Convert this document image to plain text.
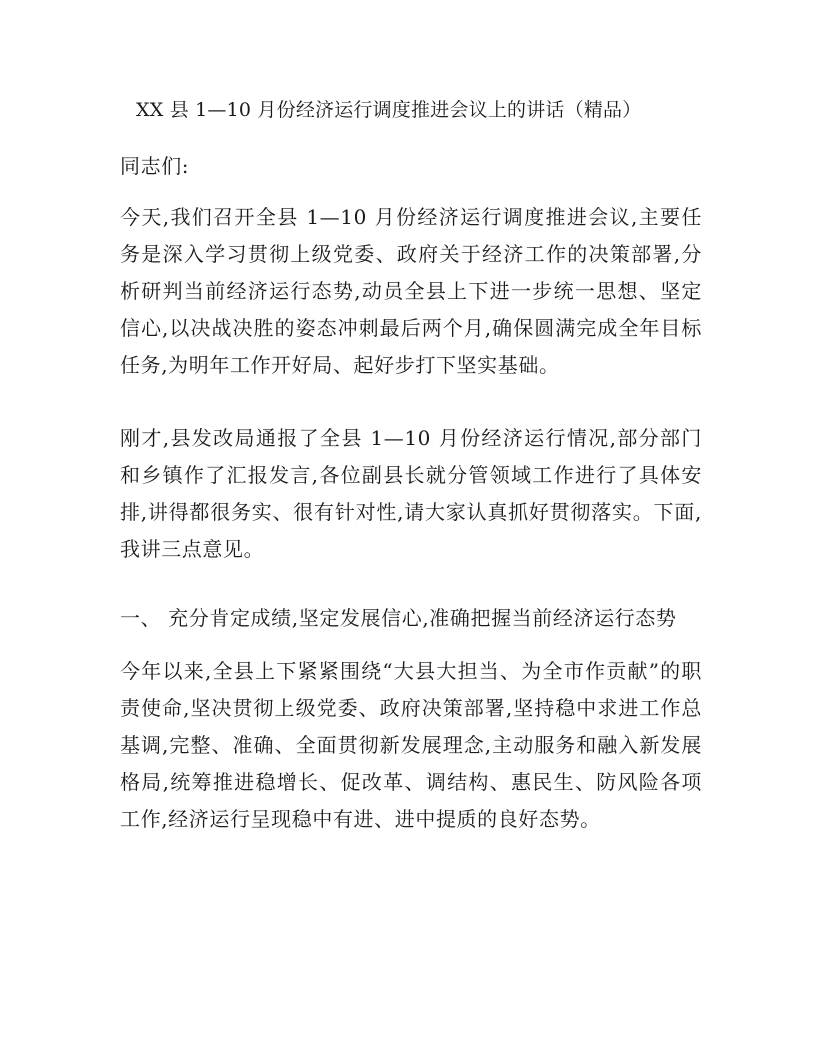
XX 县 1—10 月份经济运行调度推进会议上的讲话（精品）

同志们:

今天,我们召开全县 1—10 月份经济运行调度推进会议,主要任务是深入学习贯彻上级党委、政府关于经济工作的决策部署,分析研判当前经济运行态势,动员全县上下进一步统一思想、坚定信心,以决战决胜的姿态冲刺最后两个月,确保圆满完成全年目标任务,为明年工作开好局、起好步打下坚实基础。

刚才,县发改局通报了全县 1—10 月份经济运行情况,部分部门和乡镇作了汇报发言,各位副县长就分管领域工作进行了具体安排,讲得都很务实、很有针对性,请大家认真抓好贯彻落实。下面,我讲三点意见。

一、 充分肯定成绩,坚定发展信心,准确把握当前经济运行态势

今年以来,全县上下紧紧围绕“大县大担当、为全市作贡献”的职责使命,坚决贯彻上级党委、政府决策部署,坚持稳中求进工作总基调,完整、准确、全面贯彻新发展理念,主动服务和融入新发展格局,统筹推进稳增长、促改革、调结构、惠民生、防风险各项工作,经济运行呈现稳中有进、进中提质的良好态势。
